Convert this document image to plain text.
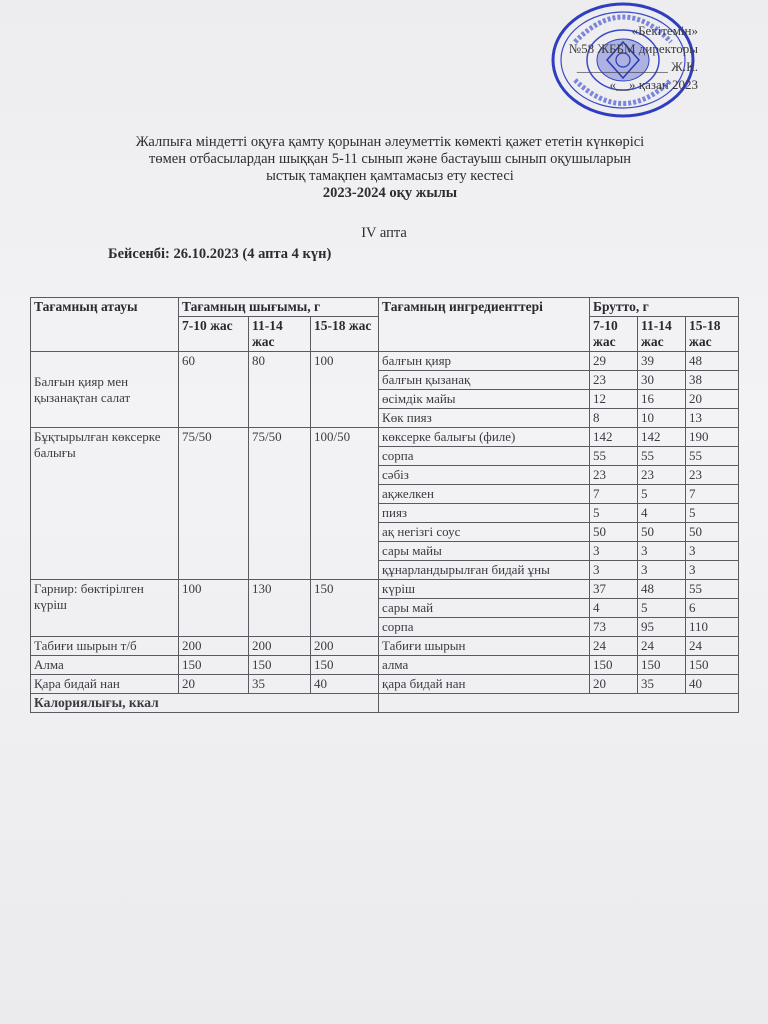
«Бекітемін»
№58 ЖББМ директоры
______________ Ж.К.
«__» қазан 2023
Жалпыға міндетті оқуға қамту қорынан әлеуметтік көмекті қажет ететін күнкөрісі
төмен отбасылардан шыққан 5-11 сынып және бастауыш сынып оқушыларын
ыстық тамақпен қамтамасыз ету кестесі
2023-2024 оқу жылы
IV апта
Бейсенбі: 26.10.2023 (4 апта 4 күн)
Тағамның атауы	Тағамның шығымы, г			Тағамның ингредиенттері	Брутто, г		
	7-10 жас	11-14 жас	15-18 жас		7-10 жас	11-14 жас	15-18 жас
Балғын қияр мен қызанақтан салат	60	80	100	балғын қияр	29	39	48
				балғын қызанақ	23	30	38
				өсімдік майы	12	16	20
				Көк пияз	8	10	13
Бұқтырылған көксерке балығы	75/50	75/50	100/50	көксерке балығы (филе)	142	142	190
				сорпа	55	55	55
				сәбіз	23	23	23
				ақжелкен	7	5	7
				пияз	5	4	5
				ақ негізгі соус	50	50	50
				сары майы	3	3	3
				құнарландырылған бидай ұны	3	3	3
Гарнир: бөктірілген күріш	100	130	150	күріш	37	48	55
				сары май	4	5	6
				сорпа	73	95	110
Табиғи шырын т/б	200	200	200	Табиғи шырын	24	24	24
Алма	150	150	150	алма	150	150	150
Қара бидай нан	20	35	40	қара бидай нан	20	35	40
Калориялығы, ккал							
